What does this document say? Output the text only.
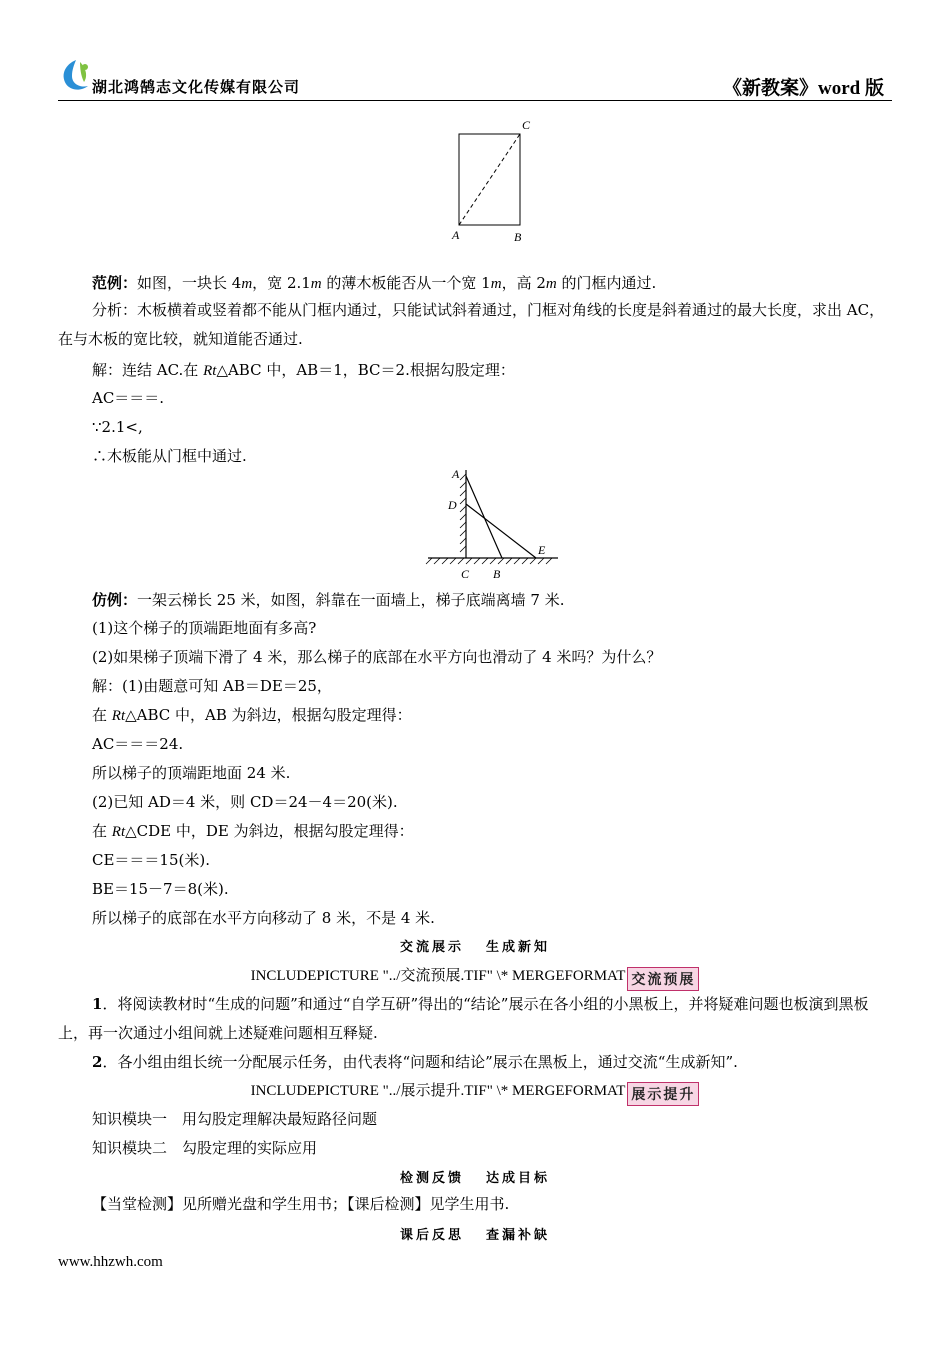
湖北鸿鹄志文化传媒有限公司	《新教案》word 版
A	B
C
范例：如图，一块长 4m，宽 2.1m 的薄木板能否从一个宽 1m，高 2m 的门框内通过.
分析：木板横着或竖着都不能从门框内通过，只能试试斜着通过，门框对角线的长度是斜着通过的最大长度，求出 AC，在与木板的宽比较，就知道能否通过.
解：连结 AC.在 Rt△ABC 中，AB＝1，BC＝2.根据勾股定理：
AC＝＝＝.
∵2.1<,
∴木板能从门框中通过.
A
D
E
C B
仿例：一架云梯长 25 米，如图，斜靠在一面墙上，梯子底端离墙 7 米.
(1)这个梯子的顶端距地面有多高?
(2)如果梯子顶端下滑了 4 米，那么梯子的底部在水平方向也滑动了 4 米吗？为什么？
解：(1)由题意可知 AB＝DE＝25，
在 Rt△ABC 中，AB 为斜边，根据勾股定理得：
AC＝＝＝24.
所以梯子的顶端距地面 24 米.
(2)已知 AD＝4 米，则 CD＝24－4＝20(米).
在 Rt△CDE 中，DE 为斜边，根据勾股定理得：
CE＝＝＝15(米).
BE＝15－7＝8(米).
所以梯子的底部在水平方向移动了 8 米，不是 4 米.
交流展示 生成新知
INCLUDEPICTURE "../交流预展.TIF" \* MERGEFORMAT 交流预展
1．将阅读教材时“生成的问题”和通过“自学互研”得出的“结论”展示在各小组的小黑板上，并将疑难问题也板演到黑板上，再一次通过小组间就上述疑难问题相互释疑.
2．各小组由组长统一分配展示任务，由代表将“问题和结论”展示在黑板上，通过交流“生成新知”.
INCLUDEPICTURE "../展示提升.TIF" \* MERGEFORMAT 展示提升
知识模块一　用勾股定理解决最短路径问题
知识模块二　勾股定理的实际应用
检测反馈 达成目标
【当堂检测】见所赠光盘和学生用书；【课后检测】见学生用书.
课后反思 查漏补缺
www.hhzwh.com
